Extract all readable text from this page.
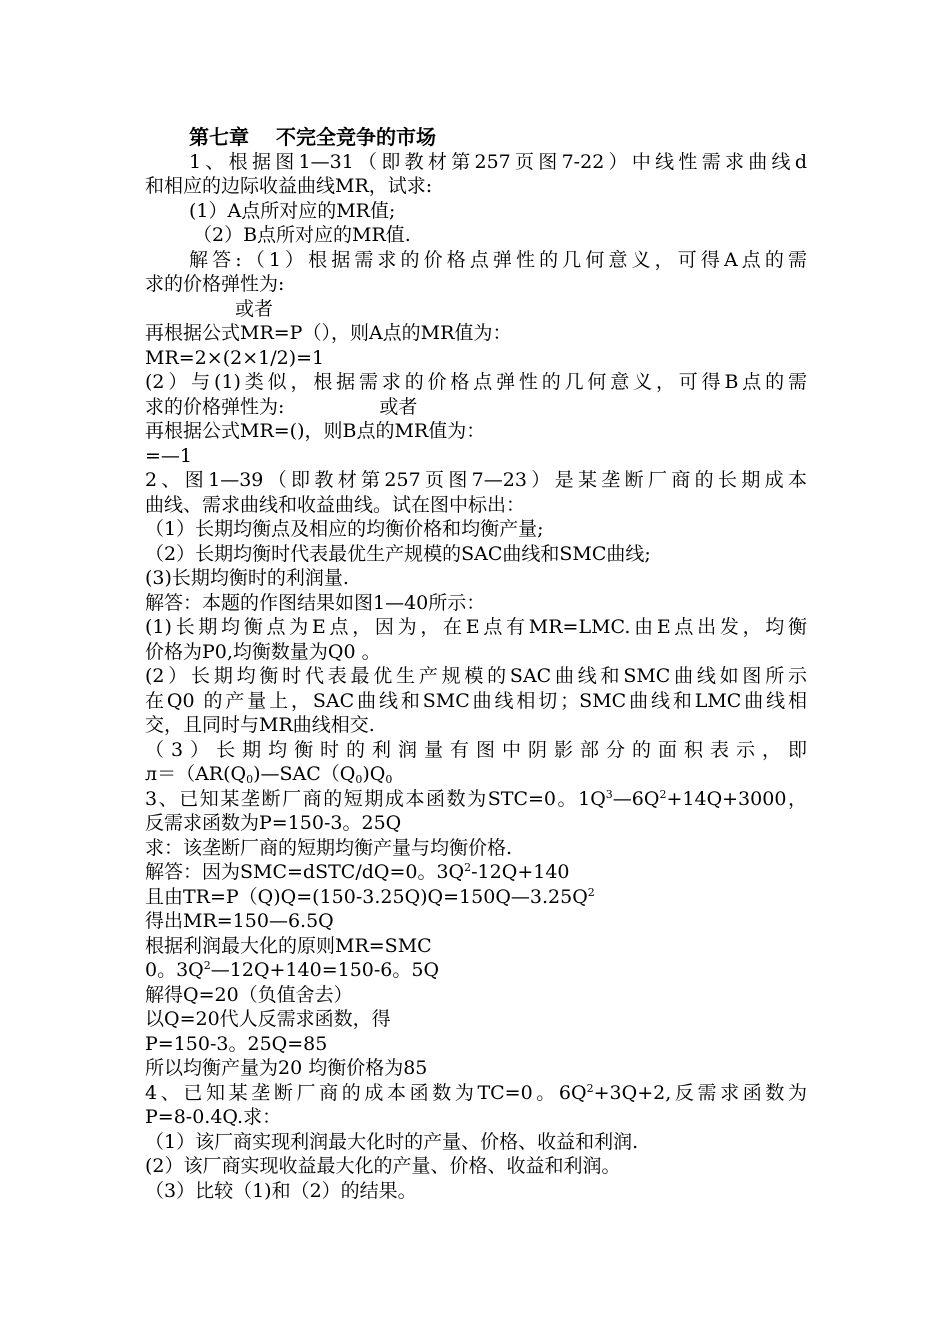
第七章　 不完全竞争的市场
1、根据图1—31（即教材第257页图7-22）中线性需求曲线d
和相应的边际收益曲线MR，试求:
(1）A点所对应的MR值;
（2）B点所对应的MR值.
解答:（1）根据需求的价格点弹性的几何意义，可得A点的需
求的价格弹性为:
或者
再根据公式MR=P（），则A点的MR值为：
MR=2×(2×1/2)=1
(2）与(1)类似，根据需求的价格点弹性的几何意义，可得B点的需
求的价格弹性为:　　　　　或者
再根据公式MR=()，则B点的MR值为：
=—1
2、图1—39（即教材第257页图7—23）是某垄断厂商的长期成本
曲线、需求曲线和收益曲线。试在图中标出：
（1）长期均衡点及相应的均衡价格和均衡产量;
（2）长期均衡时代表最优生产规模的SAC曲线和SMC曲线;
(3)长期均衡时的利润量.
解答：本题的作图结果如图1—40所示：
(1)长期均衡点为E点，因为，在E点有MR=LMC.由E点出发，均衡
价格为P0,均衡数量为Q0 。
(2）长期均衡时代表最优生产规模的SAC曲线和SMC曲线如图所示
在Q0 的产量上，SAC曲线和SMC曲线相切；SMC曲线和LMC曲线相
交，且同时与MR曲线相交.
（3）长期均衡时的利润量有图中阴影部分的面积表示，即
$л=(AR(Q_0)—SAC(Q_0)Q_0$
3、已知某垄断厂商的短期成本函数为STC=0。$1Q^3—6Q^2+14Q+3000$，
反需求函数为P=150-3。25Q
求：该垄断厂商的短期均衡产量与均衡价格.
解答：因为SMC=dSTC/dQ=0。$3Q^2-12Q+140$
且由$TR=P(Q)Q=(150-3.25Q)Q=150Q—3.25Q^2$
得出MR=150—6.5Q
根据利润最大化的原则MR=SMC
0。$3Q^2—12Q+140=150-6$。5Q
解得Q=20（负值舍去）
以Q=20代人反需求函数，得
P=150-3。25Q=85
所以均衡产量为20 均衡价格为85
4、已知某垄断厂商的成本函数为TC=0。$6Q^2+3Q+2$,反需求函数为
P=8-0.4Q.求：
（1）该厂商实现利润最大化时的产量、价格、收益和利润.
(2）该厂商实现收益最大化的产量、价格、收益和利润。
（3）比较（1)和（2）的结果。
